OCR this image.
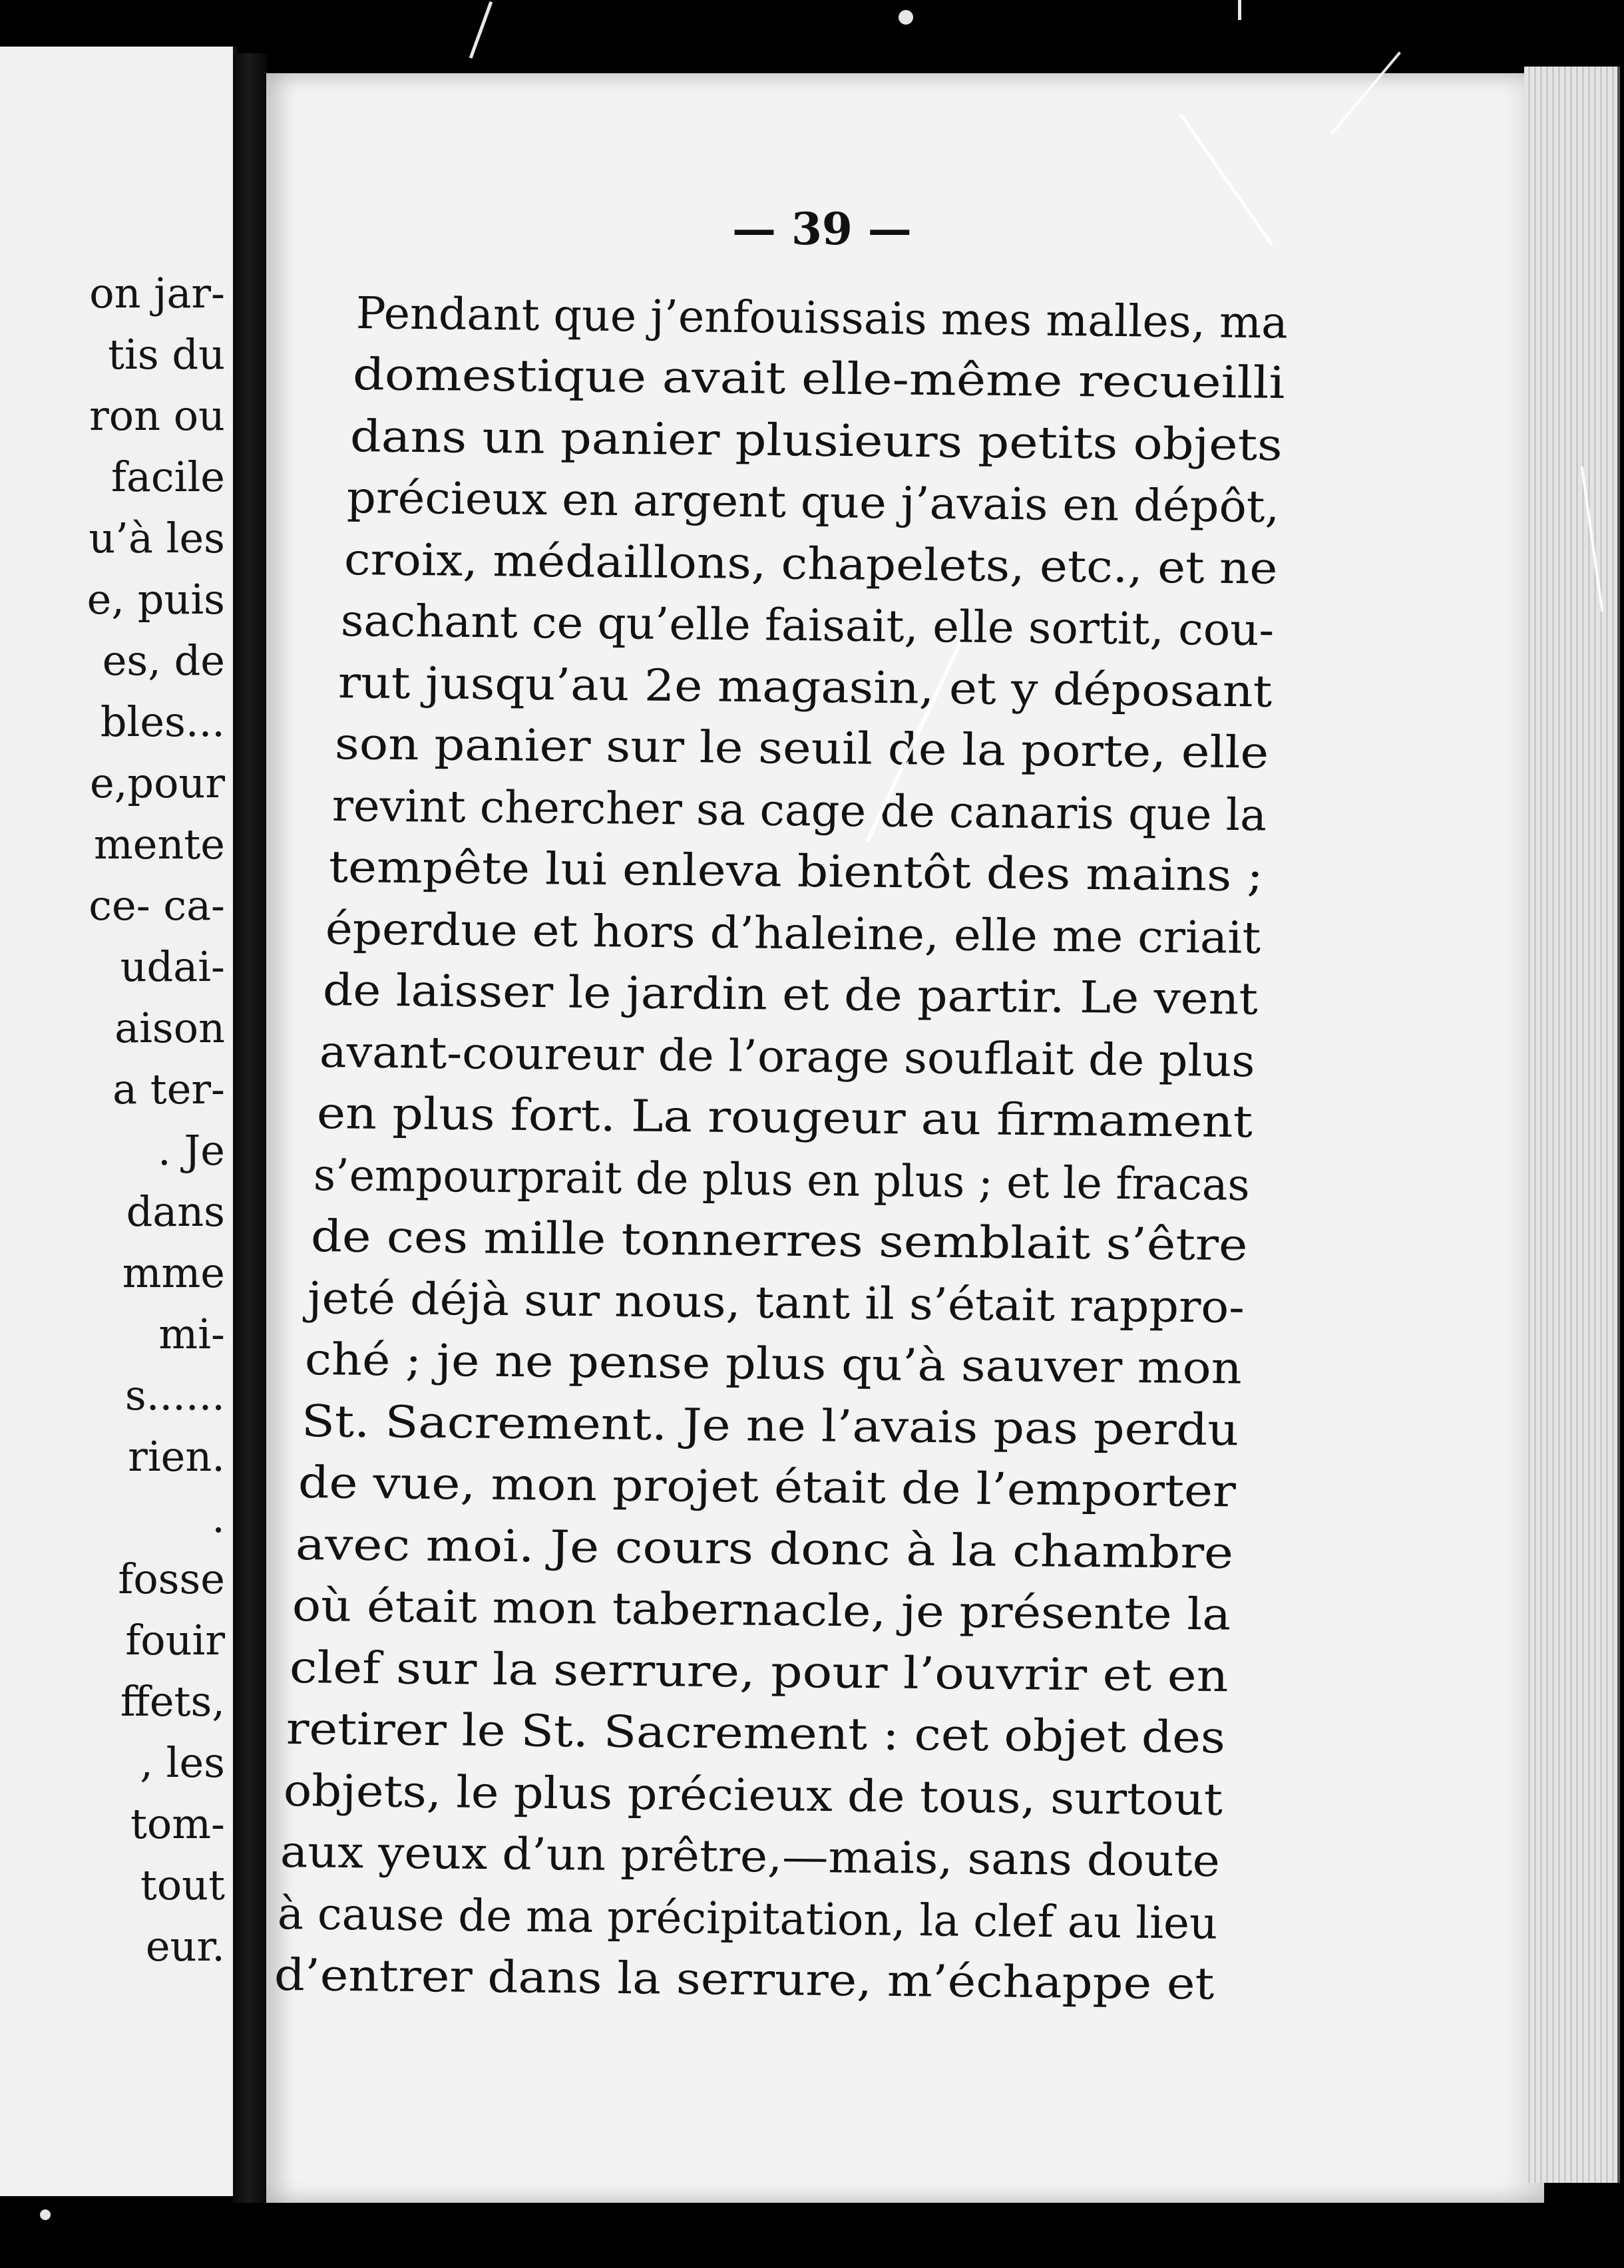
on jar-
tis du
ron ou
facile
u’à les
e, puis
es, de
bles...
e,pour
mente
ce- ca-
udai-
aison
a ter-
. Je
dans
mme
mi-
s......
rien.
.
fosse
fouir
ffets,
, les
tom-
tout
eur.
— 39 —
Pendant que j’enfouissais mes malles, ma
domestique avait elle-même recueilli
dans un panier plusieurs petits objets
précieux en argent que j’avais en dépôt,
croix, médaillons, chapelets, etc., et ne
sachant ce qu’elle faisait, elle sortit, cou-
rut jusqu’au 2e magasin, et y déposant
son panier sur le seuil de la porte, elle
revint chercher sa cage de canaris que la
tempête lui enleva bientôt des mains ;
éperdue et hors d’haleine, elle me criait
de laisser le jardin et de partir. Le vent
avant-coureur de l’orage souflait de plus
en plus fort. La rougeur au firmament
s’empourprait de plus en plus ; et le fracas
de ces mille tonnerres semblait s’être
jeté déjà sur nous, tant il s’était rappro-
ché ; je ne pense plus qu’à sauver mon
St. Sacrement. Je ne l’avais pas perdu
de vue, mon projet était de l’emporter
avec moi. Je cours donc à la chambre
où était mon tabernacle, je présente la
clef sur la serrure, pour l’ouvrir et en
retirer le St. Sacrement : cet objet des
objets, le plus précieux de tous, surtout
aux yeux d’un prêtre,—mais, sans doute
à cause de ma précipitation, la clef au lieu
d’entrer dans la serrure, m’échappe et
